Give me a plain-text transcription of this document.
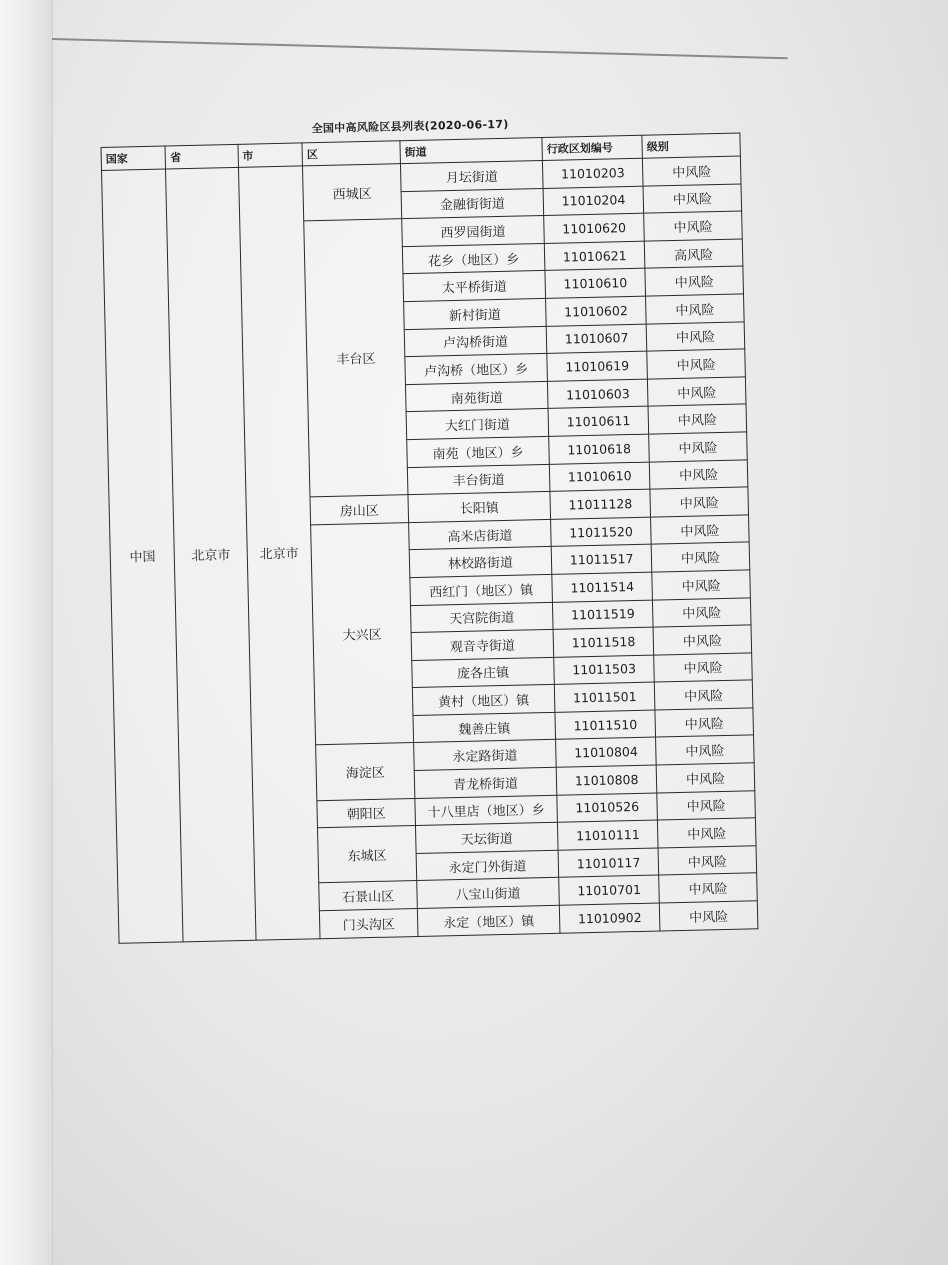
全国中高风险区县列表(2020-06-17)
国家	省	市	区	街道	行政区划编号	级别
中国	北京市	北京市	西城区	月坛街道	11010203	中风险
				金融街街道	11010204	中风险
			丰台区	西罗园街道	11010620	中风险
				花乡（地区）乡	11010621	高风险
				太平桥街道	11010610	中风险
				新村街道	11010602	中风险
				卢沟桥街道	11010607	中风险
				卢沟桥（地区）乡	11010619	中风险
				南苑街道	11010603	中风险
				大红门街道	11010611	中风险
				南苑（地区）乡	11010618	中风险
				丰台街道	11010610	中风险
			房山区	长阳镇	11011128	中风险
			大兴区	高米店街道	11011520	中风险
				林校路街道	11011517	中风险
				西红门（地区）镇	11011514	中风险
				天宫院街道	11011519	中风险
				观音寺街道	11011518	中风险
				庞各庄镇	11011503	中风险
				黄村（地区）镇	11011501	中风险
				魏善庄镇	11011510	中风险
			海淀区	永定路街道	11010804	中风险
				青龙桥街道	11010808	中风险
			朝阳区	十八里店（地区）乡	11010526	中风险
			东城区	天坛街道	11010111	中风险
				永定门外街道	11010117	中风险
			石景山区	八宝山街道	11010701	中风险
			门头沟区	永定（地区）镇	11010902	中风险
